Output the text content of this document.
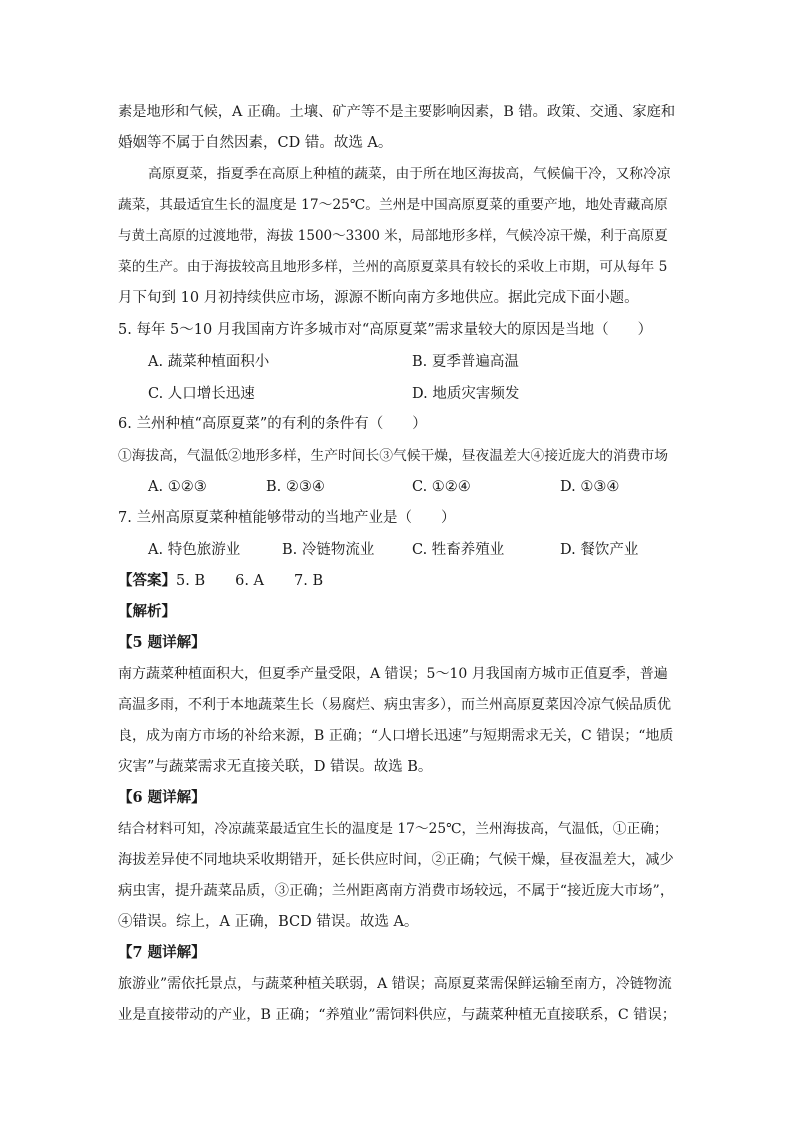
素是地形和气候，A 正确。土壤、矿产等不是主要影响因素，B 错。政策、交通、家庭和
婚姻等不属于自然因素，CD 错。故选 A。
高原夏菜，指夏季在高原上种植的蔬菜，由于所在地区海拔高，气候偏干冷，又称冷凉
蔬菜，其最适宜生长的温度是 17～25℃。兰州是中国高原夏菜的重要产地，地处青藏高原
与黄土高原的过渡地带，海拔 1500～3300 米，局部地形多样，气候冷凉干燥，利于高原夏
菜的生产。由于海拔较高且地形多样，兰州的高原夏菜具有较长的采收上市期，可从每年 5
月下旬到 10 月初持续供应市场，源源不断向南方多地供应。据此完成下面小题。
5. 每年 5～10 月我国南方许多城市对“高原夏菜”需求量较大的原因是当地（　　）
A. 蔬菜种植面积小	B. 夏季普遍高温
C. 人口增长迅速	D. 地质灾害频发
6. 兰州种植“高原夏菜”的有利的条件有（　　）
①海拔高，气温低②地形多样，生产时间长③气候干燥，昼夜温差大④接近庞大的消费市场
A. ①②③	B. ②③④	C. ①②④	D. ①③④
7. 兰州高原夏菜种植能够带动的当地产业是（　　）
A. 特色旅游业	B. 冷链物流业	C. 牲畜养殖业	D. 餐饮产业
【答案】5. B 6. A 7. B
【解析】
【5 题详解】
南方蔬菜种植面积大，但夏季产量受限，A 错误；5～10 月我国南方城市正值夏季，普遍
高温多雨，不利于本地蔬菜生长（易腐烂、病虫害多），而兰州高原夏菜因冷凉气候品质优
良，成为南方市场的补给来源，B 正确；“人口增长迅速”与短期需求无关，C 错误；“地质
灾害”与蔬菜需求无直接关联，D 错误。故选 B。
【6 题详解】
结合材料可知，冷凉蔬菜最适宜生长的温度是 17～25℃，兰州海拔高，气温低，①正确；
海拔差异使不同地块采收期错开，延长供应时间，②正确；气候干燥，昼夜温差大，减少
病虫害，提升蔬菜品质，③正确；兰州距离南方消费市场较远，不属于“接近庞大市场”，
④错误。综上，A 正确，BCD 错误。故选 A。
【7 题详解】
旅游业”需依托景点，与蔬菜种植关联弱，A 错误；高原夏菜需保鲜运输至南方，冷链物流
业是直接带动的产业，B 正确；“养殖业”需饲料供应，与蔬菜种植无直接联系，C 错误；
